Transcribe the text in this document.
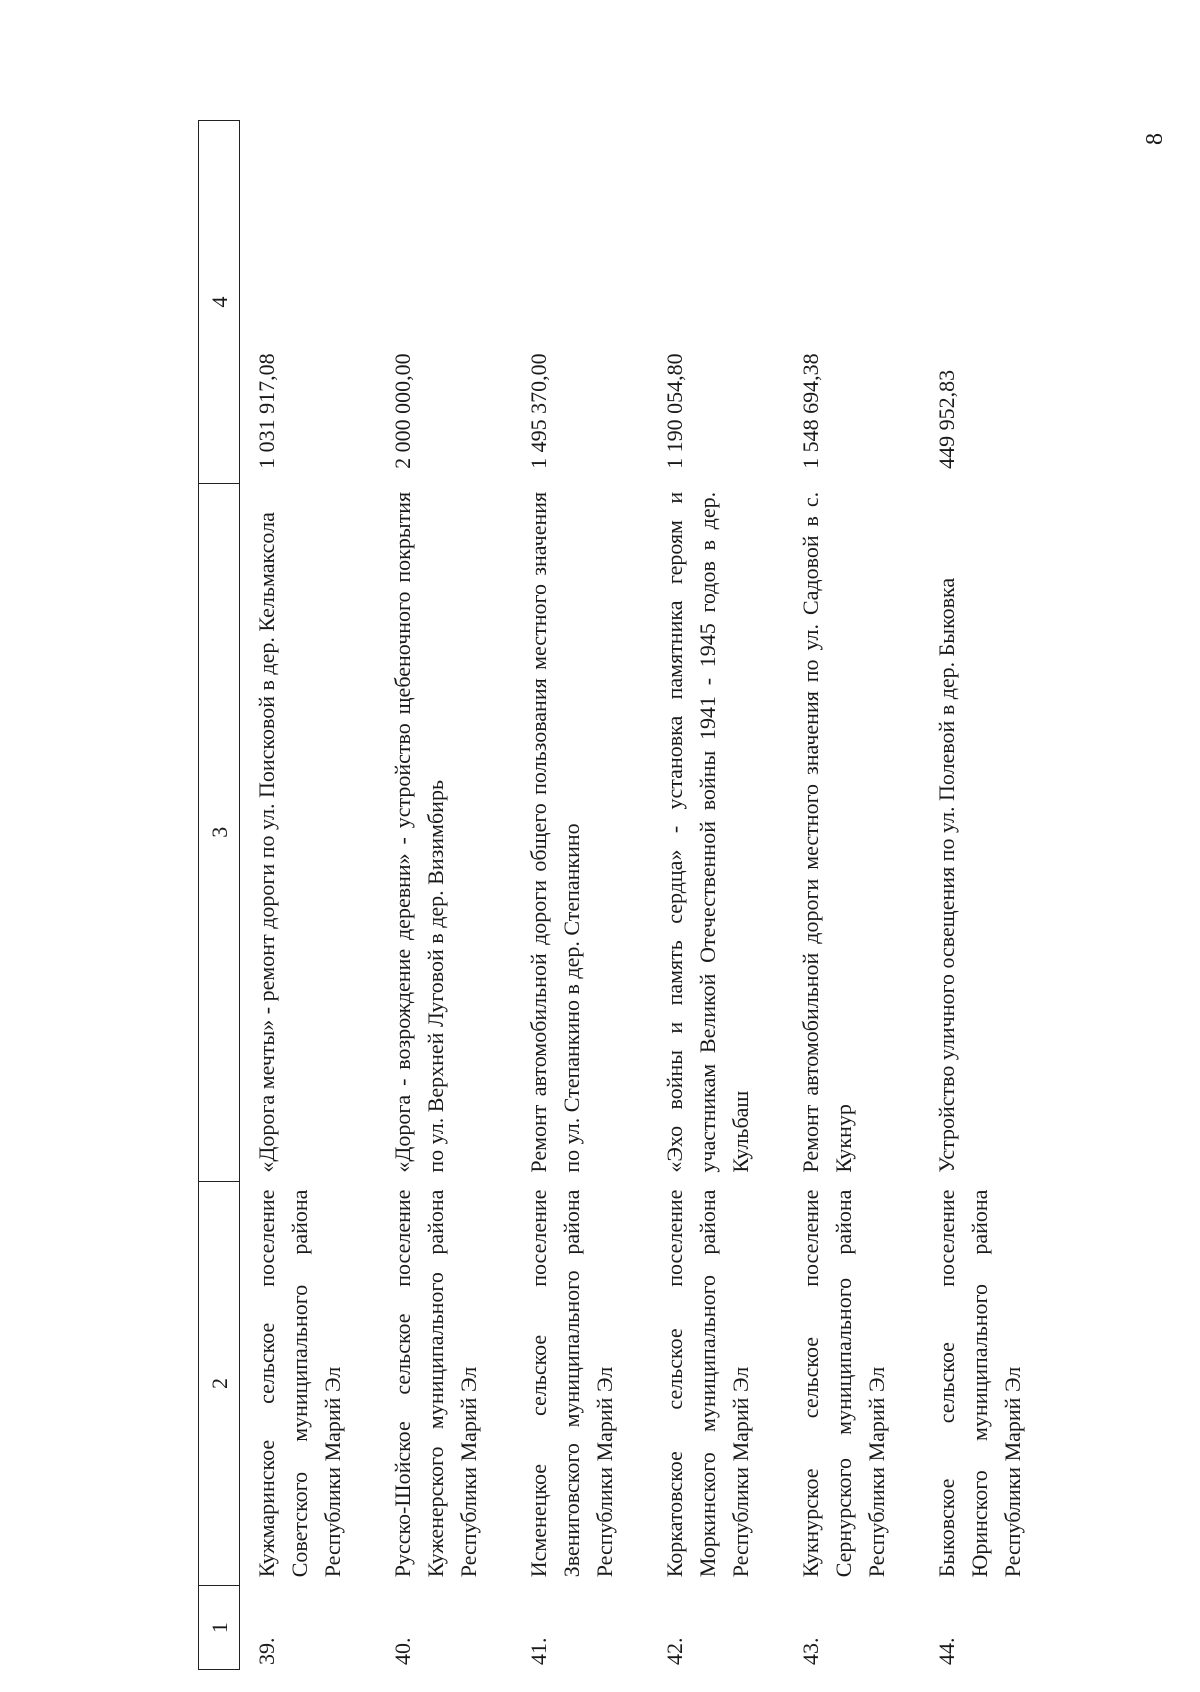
8
1	2	3	4
39.	Кужмаринское сельское поселение Советского муниципального района Республики Марий Эл	«Дорога мечты» - ремонт дороги по ул. Поисковой в дер. Кельмаксола	1 031 917,08
40.	Русско-Шойское сельское поселение Куженерского муниципального района Республики Марий Эл	«Дорога - возрождение деревни» - устройство щебеночного покрытия по ул. Верхней Луговой в дер. Визимбирь	2 000 000,00
41.	Исменецкое сельское поселение Звениговского муниципального района Республики Марий Эл	Ремонт автомобильной дороги общего пользования местного значения по ул. Степанкино в дер. Степанкино	1 495 370,00
42.	Коркатовское сельское поселение Моркинского муниципального района Республики Марий Эл	«Эхо войны и память сердца» - установка памятника героям и участникам Великой Отечественной войны 1941 - 1945 годов в дер. Кульбаш	1 190 054,80
43.	Кукнурское сельское поселение Сернурского муниципального района Республики Марий Эл	Ремонт автомобильной дороги местного значения по ул. Садовой в с. Кукнур	1 548 694,38
44.	Быковское сельское поселение Юринского муниципального района Республики Марий Эл	Устройство уличного освещения по ул. Полевой в дер. Быковка	449 952,83
